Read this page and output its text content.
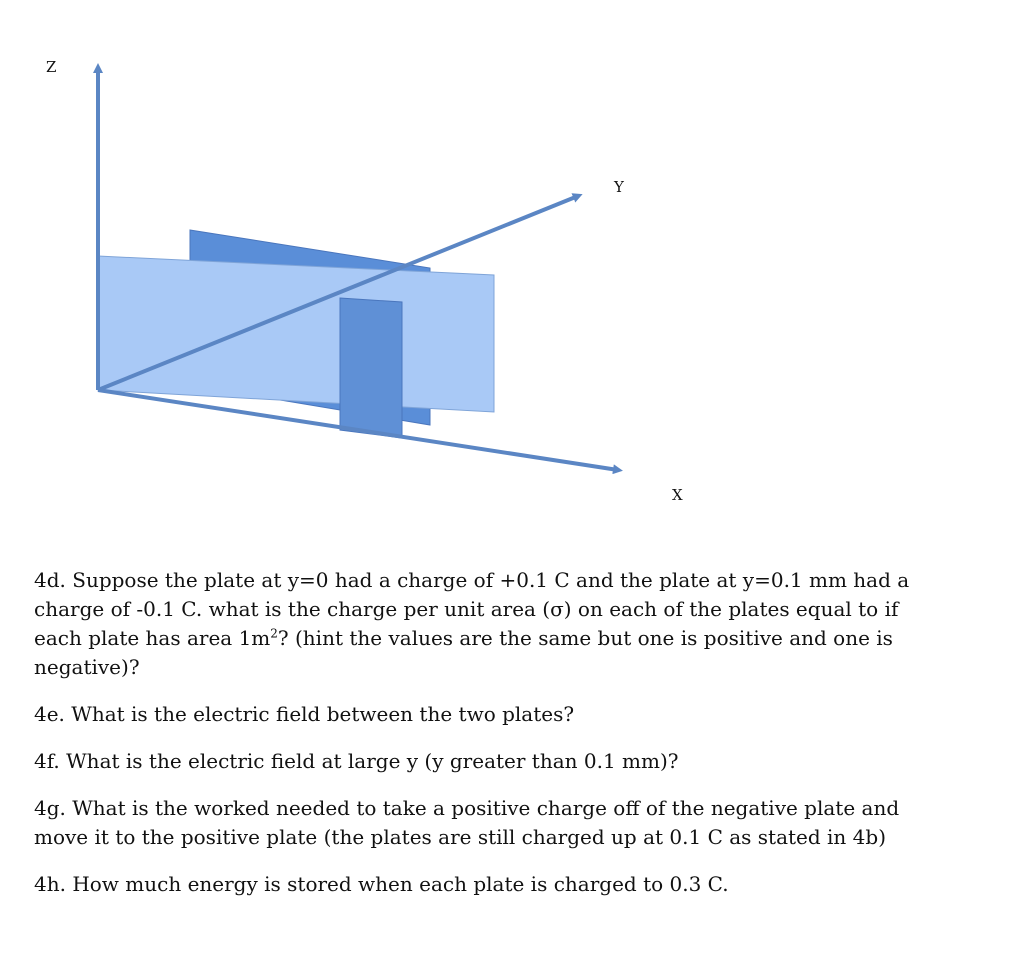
Z
Y
X

4d. Suppose the plate at y=0 had a charge of +0.1 C and the plate at y=0.1 mm had a charge of -0.1 C. what is the charge per unit area (σ) on each of the plates equal to if each plate has area $1m^2$? (hint the values are the same but one is positive and one is negative)?

4e. What is the electric field between the two plates?

4f. What is the electric field at large y (y greater than 0.1 mm)?

4g. What is the worked needed to take a positive charge off of the negative plate and move it to the positive plate (the plates are still charged up at 0.1 C as stated in 4b)

4h. How much energy is stored when each plate is charged to 0.3 C.
